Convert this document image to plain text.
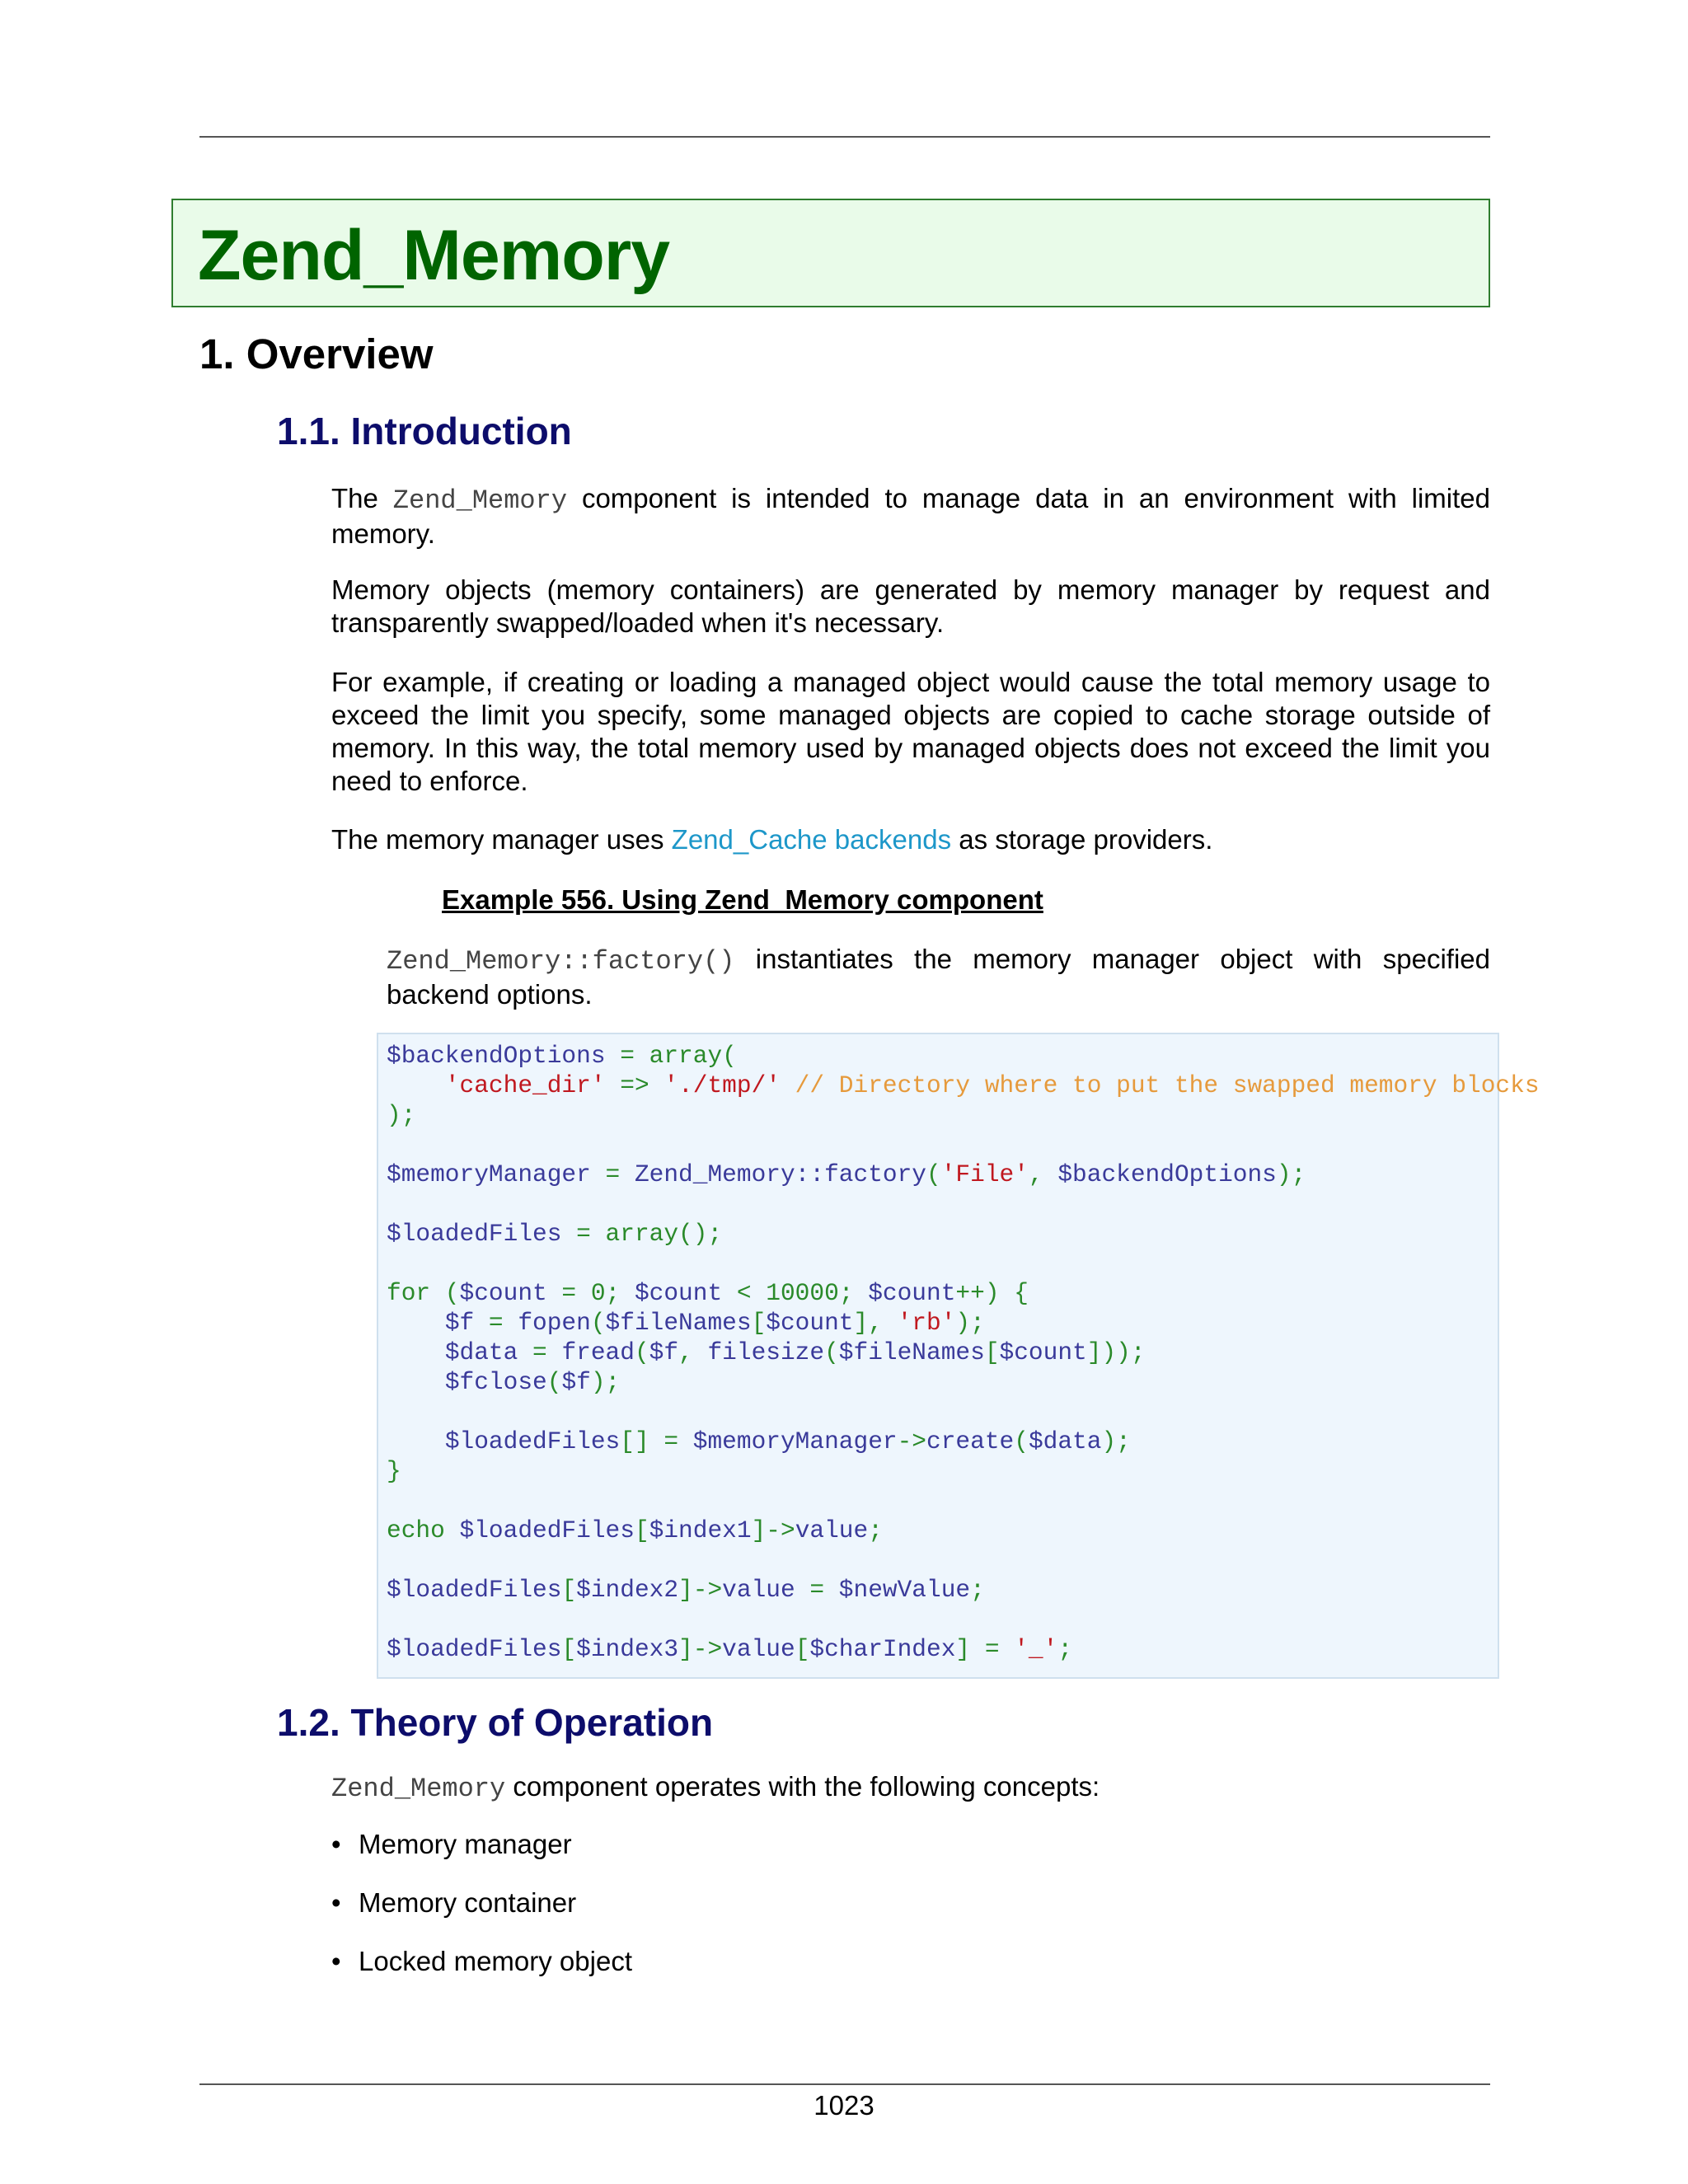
Zend_Memory
1. Overview
1.1. Introduction

The Zend_Memory component is intended to manage data in an environment with limited memory.

Memory objects (memory containers) are generated by memory manager by request and transparently swapped/loaded when it's necessary.

For example, if creating or loading a managed object would cause the total memory usage to exceed the limit you specify, some managed objects are copied to cache storage outside of memory. In this way, the total memory used by managed objects does not exceed the limit you need to enforce.

The memory manager uses Zend_Cache backends as storage providers.

Example 556. Using Zend_Memory component

Zend_Memory::factory() instantiates the memory manager object with specified backend options.

$backendOptions = array(
'cache_dir' => './tmp/' // Directory where to put the swapped memory blocks
);

$memoryManager = Zend_Memory::factory('File', $backendOptions);

$loadedFiles = array();

for ($count = 0; $count < 10000; $count++) {
$f = fopen($fileNames[$count], 'rb');
$data = fread($f, filesize($fileNames[$count]));
$fclose($f);

$loadedFiles[] = $memoryManager->create($data);
}

echo $loadedFiles[$index1]->value;

$loadedFiles[$index2]->value = $newValue;

$loadedFiles[$index3]->value[$charIndex] = '_';
1.2. Theory of Operation

Zend_Memory component operates with the following concepts:

• Memory manager
• Memory container
• Locked memory object
1023
